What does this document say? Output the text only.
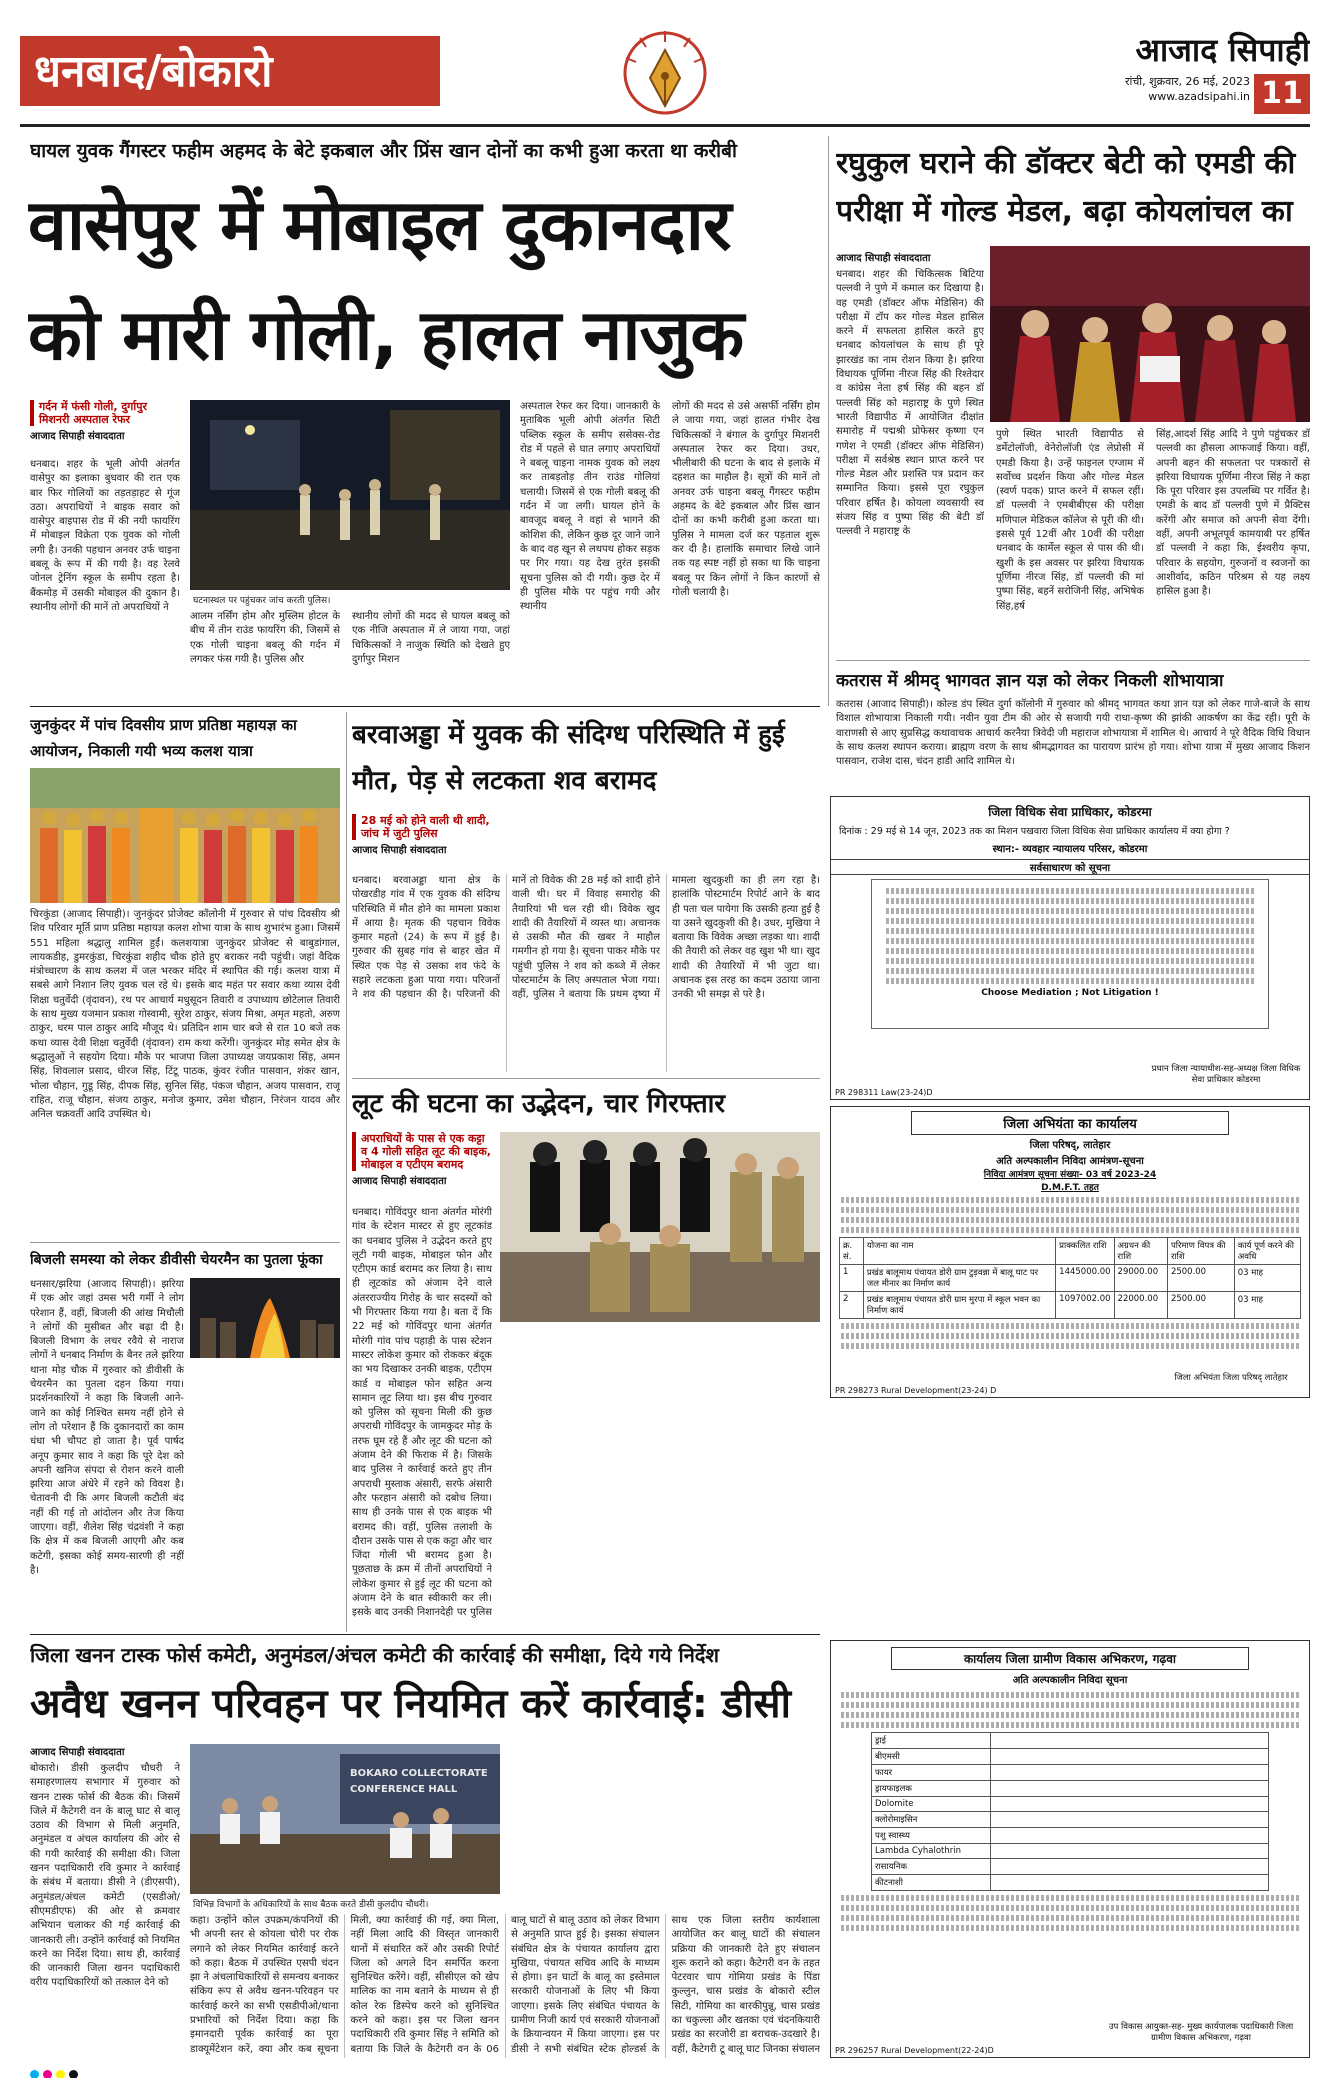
धनबाद/बोकारो	आजाद सिपाही
रांची, शुक्रवार, 26 मई, 2023
www.azadsipahi.in 11
घायल युवक गैंगस्टर फहीम अहमद के बेटे इकबाल और प्रिंस खान दोनों का कभी हुआ करता था करीबी
वासेपुर में मोबाइल दुकानदार
को मारी गोली, हालत नाजुक
गर्दन में फंसी गोली, दुर्गापुर मिशनरी अस्पताल रेफर
आजाद सिपाही संवाददाता
धनबाद। शहर के भूली ओपी अंतर्गत वासेपुर का इलाका बुधवार की रात एक बार फिर गोलियों का तड़तड़ाहट से गूंज उठा। अपराधियों ने बाइक सवार को वासेपुर बाइपास रोड में की नयी फायरिंग में मोबाइल विक्रेता एक युवक को गोली लगी है। उनकी पहचान अनवर उर्फ चाइना बबलू के रूप में की गयी है। वह रेलवे जोनल ट्रेनिंग स्कूल के समीप रहता है। बैंकमोड़ में उसकी मोबाइल की दुकान है। स्थानीय लोगों की मानें तो अपराधियों ने
घटनास्थल पर पहुंचकर जांच करती पुलिस।
आलम नर्सिंग होम और मुस्लिम होटल के बीच में तीन राउंड फायरिंग की, जिसमें से एक गोली चाइना बबलू की गर्दन में लगकर फंस गयी है। पुलिस और
स्थानीय लोगों की मदद से घायल बबलू को एक नीजि अस्पताल में ले जाया गया, जहां चिकित्सकों ने नाजुक स्थिति को देखते हुए दुर्गापुर मिशन
अस्पताल रेफर कर दिया। जानकारी के मुताबिक भूली ओपी अंतर्गत सिटी पब्लिक स्कूल के समीप ससेक्स-रोड रोड में पहले से घात लगाए अपराधियों ने बबलू चाइना नामक युवक को लक्ष्य कर ताबड़तोड़ तीन राउंड गोलियां चलायी। जिसमें से एक गोली बबलू की गर्दन में जा लगी। घायल होने के बावजूद बबलू ने वहां से भागने की कोशिश की, लेकिन कुछ दूर जाने जाने के बाद वह खून से लथपथ होकर सड़क पर गिर गया। यह देख तुरंत इसकी सूचना पुलिस को दी गयी। कुछ देर में ही पुलिस मौके पर पहुंच गयी और स्थानीय
लोगों की मदद से उसे असर्फी नर्सिंग होम ले जाया गया, जहां हालत गंभीर देख चिकित्सकों ने बंगाल के दुर्गापुर मिशनरी अस्पताल रेफर कर दिया। उधर, भीलीबारी की घटना के बाद से इलाके में दहशत का माहौल है। सूत्रों की मानें तो अनवर उर्फ चाइना बबलू गैंगस्टर फहीम अहमद के बेटे इकबाल और प्रिंस खान दोनों का कभी करीबी हुआ करता था। पुलिस ने मामला दर्ज कर पड़ताल शुरू कर दी है। हालांकि समाचार लिखे जाने तक यह स्पष्ट नहीं हो सका था कि चाइना बबलू पर किन लोगों ने किन कारणों से गोली चलायी है।
रघुकुल घराने की डॉक्टर बेटी को एमडी की परीक्षा में गोल्ड मेडल, बढ़ा कोयलांचल का
आजाद सिपाही संवाददाता
धनबाद। शहर की चिकित्सक बिटिया पल्लवी ने पुणे में कमाल कर दिखाया है। वह एमडी (डॉक्टर ऑफ मेडिसिन) की परीक्षा में टॉप कर गोल्ड मेडल हासिल करने में सफलता हासिल करते हुए धनबाद कोयलांचल के साथ ही पूरे झारखंड का नाम रोशन किया है। झरिया विधायक पूर्णिमा नीरज सिंह की रिश्तेदार व कांग्रेस नेता हर्ष सिंह की बहन डॉ पल्लवी सिंह को महाराष्ट्र के पुणे स्थित भारती विद्यापीठ में आयोजित दीक्षांत समारोह में पद्मश्री प्रोफेसर कृष्णा एन गणेश ने एमडी (डॉक्टर ऑफ मेडिसिन) परीक्षा में सर्वश्रेष्ठ स्थान प्राप्त करने पर गोल्ड मेडल और प्रशस्ति पत्र प्रदान कर सम्मानित किया। इससे पूरा रघुकुल परिवार हर्षित है। कोयला व्यवसायी स्व संजय सिंह व पुष्पा सिंह की बेटी डॉ पल्लवी ने महाराष्ट्र के
पुणे स्थित भारती विद्यापीठ से डर्मेटोलॉजी, वेनेरोलॉजी एंड लेप्रोसी में एमडी किया है। उन्हें फाइनल एग्जाम में सर्वोच्च प्रदर्शन किया और गोल्ड मेडल (स्वर्ण पदक) प्राप्त करने में सफल रहीं। डॉ पल्लवी ने एमबीबीएस की परीक्षा मणिपाल मेडिकल कॉलेज से पूरी की थी। इससे पूर्व 12वीं और 10वीं की परीक्षा धनबाद के कार्मेल स्कूल से पास की थी। खुशी के इस अवसर पर झरिया विधायक पूर्णिमा नीरज सिंह, डॉ पल्लवी की मां पुष्पा सिंह, बहनें सरोजिनी सिंह, अभिषेक सिंह,हर्ष
सिंह,आदर्श सिंह आदि ने पुणे पहुंचकर डॉ पल्लवी का हौसला आफजाई किया। वहीं, अपनी बहन की सफलता पर पत्रकारों से झरिया विधायक पूर्णिमा नीरज सिंह ने कहा कि पूरा परिवार इस उपलब्धि पर गर्वित है। एमडी के बाद डॉ पल्लवी पुणे में प्रैक्टिस करेंगी और समाज को अपनी सेवा देंगी। वहीं, अपनी अभूतपूर्व कामयाबी पर हर्षित डॉ पल्लवी ने कहा कि, ईश्वरीय कृपा, परिवार के सहयोग, गुरुजनों व स्वजनों का आशीर्वाद, कठिन परिश्रम से यह लक्ष्य हासिल हुआ है।
कतरास में श्रीमद् भागवत ज्ञान यज्ञ को लेकर निकली शोभायात्रा
कतरास (आजाद सिपाही)। कोल्ड डंप स्थित दुर्गा कॉलोनी में गुरुवार को श्रीमद् भागवत कथा ज्ञान यज्ञ को लेकर गाजे-बाजे के साथ विशाल शोभायात्रा निकाली गयी। नवीन युवा टीम की ओर से सजायी गयी राधा-कृष्ण की झांकी आकर्षण का केंद्र रही। पूरी के वाराणसी से आए सुप्रसिद्ध कथावाचक आचार्य करनैया त्रिवेदी जी महाराज शोभायात्रा में शामिल थे। आचार्य ने पूरे वैदिक विधि विधान के साथ कलश स्थापन कराया। ब्राह्मण वरण के साथ श्रीमद्भागवत का पारायण प्रारंभ हो गया। शोभा यात्रा में मुख्य आजाद किशन पासवान, राजेश दास, चंदन हाडी आदि शामिल थे।
जुनकुंदर में पांच दिवसीय प्राण प्रतिष्ठा महायज्ञ का आयोजन, निकाली गयी भव्य कलश यात्रा
चिरकुंडा (आजाद सिपाही)। जुनकुंदर प्रोजेक्ट कॉलोनी में गुरुवार से पांच दिवसीय श्री शिव परिवार मूर्ति प्राण प्रतिष्ठा महायज्ञ कलश शोभा यात्रा के साथ शुभारंभ हुआ। जिसमें 551 महिला श्रद्धालु शामिल हुईं। कलशयात्रा जुनकुंदर प्रोजेक्ट से बाबुडांगाल, लायकडीह, डुमरकुंडा, चिरकुंडा शहीद चौक होते हुए बराकर नदी पहुंची। जहां वैदिक मंत्रोच्चारण के साथ कलश में जल भरकर मंदिर में स्थापित की गई। कलश यात्रा में सबसे आगे निशान लिए युवक चल रहे थे। इसके बाद महंत पर सवार कथा व्यास देवी शिक्षा चतुर्वेदी (वृंदावन), रथ पर आचार्य मधुसूदन तिवारी व उपाध्याय छोटेलाल तिवारी के साथ मुख्य यजमान प्रकाश गोस्वामी, सुरेश ठाकुर, संजय मिश्रा, अमृत महतो, अरुण ठाकुर, धरम पाल ठाकुर आदि मौजूद थे। प्रतिदिन शाम चार बजे से रात 10 बजे तक कथा व्यास देवी शिक्षा चतुर्वेदी (वृंदावन) राम कथा करेंगी। जुनकुंदर मोड़ समेत क्षेत्र के श्रद्धालुओं ने सहयोग दिया। मौके पर भाजपा जिला उपाध्यक्ष जयप्रकाश सिंह, अमन सिंह, शिवलाल प्रसाद, धीरज सिंह, टिंटू पाठक, कुंवर रंजीत पासवान, शंकर खान, भोला चौहान, गुडू सिंह, दीपक सिंह, सुनिल सिंह, पंकज चौहान, अजय पासवान, राजू राहित, राजू चौहान, संजय ठाकुर, मनोज कुमार, उमेश चौहान, निरंजन यादव और अनिल चक्रवर्ती आदि उपस्थित थे।
बिजली समस्या को लेकर डीवीसी चेयरमैन का पुतला फूंका
धनसार/झरिया (आजाद सिपाही)। झरिया में एक ओर जहां उमस भरी गर्मी ने लोग परेशान हैं, वहीं, बिजली की आंख मिचौली ने लोगों की मुसीबत और बढ़ा दी है। बिजली विभाग के लचर रवैये से नाराज लोगों ने धनबाद निर्माण के बैनर तले झरिया थाना मोड़ चौक में गुरुवार को डीवीसी के चेयरमैन का पुतला दहन किया गया। प्रदर्शनकारियों ने कहा कि बिजली आने-जाने का कोई निश्चित समय नहीं होने से लोग तो परेशान हैं कि दुकानदारों का काम धंधा भी चौपट हो जाता है। पूर्व पार्षद अनूप कुमार साव ने कहा कि पूरे देश को अपनी खनिज संपदा से रोशन करने वाली झरिया आज अंधेरे में रहने को विवश है। चेतावनी दी कि अगर बिजली कटौती बंद नहीं की गई तो आंदोलन और तेज किया जाएगा। वहीं, शैलेश सिंह चंद्रवंशी ने कहा कि क्षेत्र में कब बिजली आएगी और कब कटेगी, इसका कोई समय-सारणी ही नहीं है।
बरवाअड्डा में युवक की संदिग्ध परिस्थिति में हुई मौत, पेड़ से लटकता शव बरामद
28 मई को होने वाली थी शादी, जांच में जुटी पुलिस
आजाद सिपाही संवाददाता
धनबाद। बरवाअड्डा थाना क्षेत्र के पोखरडीह गांव में एक युवक की संदिग्ध परिस्थिति में मौत होने का मामला प्रकाश में आया है। मृतक की पहचान विवेक कुमार महतो (24) के रूप में हुई है। गुरुवार की सुबह गांव से बाहर खेत में स्थित एक पेड़ से उसका शव फंदे के सहारे लटकता हुआ पाया गया। परिजनों ने शव की पहचान की है। परिजनों की मानें तो विवेक की 28 मई को शादी होने वाली थी। घर में विवाह समारोह की तैयारियां भी चल रही थी। विवेक खुद शादी की तैयारियों में व्यस्त था। अचानक से उसकी मौत की खबर ने माहौल गमगीन हो गया है। सूचना पाकर मौके पर पहुंची पुलिस ने शव को कब्जे में लेकर पोस्टमार्टम के लिए अस्पताल भेजा गया। वहीं, पुलिस ने बताया कि प्रथम दृष्या में मामला खुदकुशी का ही लग रहा है। हालांकि पोस्टमार्टम रिपोर्ट आने के बाद ही पता चल पायेगा कि उसकी हत्या हुई है या उसने खुदकुशी की है। उधर, मुखिया ने बताया कि विवेक अच्छा लड़का था। शादी की तैयारी को लेकर वह खुश भी था। खुद शादी की तैयारियों में भी जुटा था। अचानक इस तरह का कदम उठाया जाना उनकी भी समझ से परे है।
लूट की घटना का उद्भेदन, चार गिरफ्तार
अपराधियों के पास से एक कट्टा व 4 गोली सहित लूट की बाइक, मोबाइल व एटीएम बरामद
आजाद सिपाही संवाददाता
धनबाद। गोविंदपुर थाना अंतर्गत मोरंगी गांव के स्टेशन मास्टर से हुए लूटकांड का धनबाद पुलिस ने उद्भेदन करते हुए लूटी गयी बाइक, मोबाइल फोन और एटीएम कार्ड बरामद कर लिया है। साथ ही लूटकांड को अंजाम देने वाले अंतरराज्यीय गिरोह के चार सदस्यों को भी गिरफ्तार किया गया है। बता दें कि 22 मई को गोविंदपुर थाना अंतर्गत मोरंगी गांव पांच पहाड़ी के पास स्टेशन मास्टर लोकेश कुमार को रोककर बंदूक का भय दिखाकर उनकी बाइक, एटीएम कार्ड व मोबाइल फोन सहित अन्य सामान लूट लिया था। इस बीच गुरुवार को पुलिस को सूचना मिली की कुछ अपराधी गोविंदपुर के जामकुदर मोड़ के तरफ घूम रहे हैं और लूट की घटना को अंजाम देने की फिराक में है। जिसके बाद पुलिस ने कार्रवाई करते हुए तीन अपराधी मुस्ताक अंसारी, सरफे अंसारी और फरहान अंसारी को दबोच लिया। साथ ही उनके पास से एक बाइक भी बरामद की। वहीं, पुलिस तलाशी के दौरान उसके पास से एक कट्टा और चार जिंदा गोली भी बरामद हुआ है। पूछताछ के क्रम में तीनों अपराधियों ने लोकेश कुमार से हुई लूट की घटना को अंजाम देने के बात स्वीकारी कर ली। इसके बाद उनकी निशानदेही पर पुलिस
जिला विधिक सेवा प्राधिकार, कोडरमा
दिनांक : 29 मई से 14 जून, 2023 तक का मिशन पखवारा जिला विधिक सेवा प्राधिकार कार्यालय में क्या होगा ?
स्थान:- व्यवहार न्यायालय परिसर, कोडरमा
सर्वसाधारण को सूचना
Choose Mediation ; Not Litigation !
प्रधान जिला न्यायाधीश-सह-अध्यक्ष जिला विधिक सेवा प्राधिकार कोडरमा
PR 298311 Law(23-24)D
जिला अभियंता का कार्यालय
जिला परिषद्, लातेहार
अति अल्पकालीन निविदा आमंत्रण-सूचना
निविदा आमंत्रण सूचना संख्या- 03 वर्ष 2023-24
D.M.F.T. तहत
क्र. सं.	योजना का नाम	प्राक्कलित राशि	अग्रधन की राशि	परिमाण विपत्र की राशि	कार्य पूर्ण करने की अवधि
1	प्रखंड बालूमाथ पंचायत डोरी ग्राम टुड़वन्ना में बालू घाट पर जल मीनार का निर्माण कार्य	1445000.00	29000.00	2500.00	03 माह
2	प्रखंड बालूमाथ पंचायत डोरी ग्राम मुरपा में स्कूल भवन का निर्माण कार्य	1097002.00	22000.00	2500.00	03 माह
जिला अभियंता जिला परिषद् लातेहार
PR 298273 Rural Development(23-24) D
जिला खनन टास्क फोर्स कमेटी, अनुमंडल/अंचल कमेटी की कार्रवाई की समीक्षा, दिये गये निर्देश
अवैध खनन परिवहन पर नियमित करें कार्रवाई: डीसी
आजाद सिपाही संवाददाता
बोकारो। डीसी कुलदीप चौधरी ने समाहरणालय सभागार में गुरुवार को खनन टास्क फोर्स की बैठक की। जिसमें जिले में कैटेगरी वन के बालू घाट से बालू उठाव की विभाग से मिली अनुमति, अनुमंडल व अंचल कार्यालय की ओर से की गयी कार्रवाई की समीक्षा की। जिला खनन पदाधिकारी रवि कुमार ने कार्रवाई के संबंध में बताया। डीसी ने (डीएसपी), अनुमंडल/अंचल कमेटी (एसडीओ/सीएमडीएफ) की ओर से क्रमवार अभियान चलाकर की गई कार्रवाई की जानकारी ली। उन्होंने कार्रवाई को नियमित करने का निर्देश दिया। साथ ही, कार्रवाई की जानकारी जिला खनन पदाधिकारी वरीय पदाधिकारियों को तत्काल देने को
BOKARO COLLECTORATE CONFERENCE HALL
विभिन्न विभागों के अधिकारियों के साथ बैठक करते डीसी कुलदीप चौधरी।
कहा। उन्होंने कोल उपक्रम/कंपनियों की भी अपनी स्तर से कोयला चोरी पर रोक लगाने को लेकर नियमित कार्रवाई करने को कहा। बैठक में उपस्थित एसपी चंदन झा ने अंचलाधिकारियों से समन्वय बनाकर संकिय रूप से अवैध खनन-परिवहन पर कार्रवाई करने का सभी एसडीपीओ/थाना प्रभारियों को निर्देश दिया। कहा कि इमानदारी पूर्वक कार्रवाई का पूरा डाक्यूमेंटेशन करें, क्या और कब सूचना मिली, क्या कार्रवाई की गई, क्या मिला, नहीं मिला आदि की विस्तृत जानकारी थानों में संधारित करें और उसकी रिपोर्ट जिला को अगले दिन समर्पित करना सुनिश्चित करेंगे। वहीं, सीसीएल को खेप मालिक का नाम बताने के माध्यम से ही कोल रेक डिस्पेच करने को सुनिश्चित करने को कहा। इस पर जिला खनन पदाधिकारी रवि कुमार सिंह ने समिति को बताया कि जिले के कैटेगरी वन के 06 बालू घाटों से बालू उठाव को लेकर विभाग से अनुमति प्राप्त हुई है। इसका संचालन संबंधित क्षेत्र के पंचायत कार्यालय द्वारा मुखिया, पंचायत सचिव आदि के माध्यम से होगा। इन घाटों के बालू का इस्तेमाल सरकारी योजनाओं के लिए भी किया जाएगा। इसके लिए संबंधित पंचायत के ग्रामीण निजी कार्य एवं सरकारी योजनाओं के क्रियान्वयन में किया जाएगा। इस पर डीसी ने सभी संबंधित स्टेक होल्डर्स के साथ एक जिला स्तरीय कार्यशाला आयोजित कर बालू घाटों की संचालन प्रक्रिया की जानकारी देते हुए संचालन शुरू कराने को कहा। कैटेगरी वन के तहत पेटरवार चाप गोमिया प्रखंड के पिंडा कुल्लुन, चास प्रखंड के बोकारो स्टील सिटी, गोमिया का बारकीपुन्नू, चास प्रखंड का चकुल्ला और खतका एवं चंदनकियारी प्रखंड का सरजोरी डा बराचक-उदखारे है। वहीं, कैटेगरी टू बालू घाट जिनका संचालन
कार्यालय जिला ग्रामीण विकास अभिकरण, गढ़वा
अति अल्पकालीन निविदा सूचना
ड्राई	
बीएमसी	
फायर	
ड्रायफाइलक	
Dolomite	
क्लोरोमाइसिन	
पशु स्वास्थ्य	
Lambda Cyhalothrin	
रासायनिक	
कीटनाशी	
उप विकास आयुक्त-सह- मुख्य कार्यपालक पदाधिकारी जिला ग्रामीण विकास अभिकरण, गढ़वा
PR 296257 Rural Development(22-24)D
